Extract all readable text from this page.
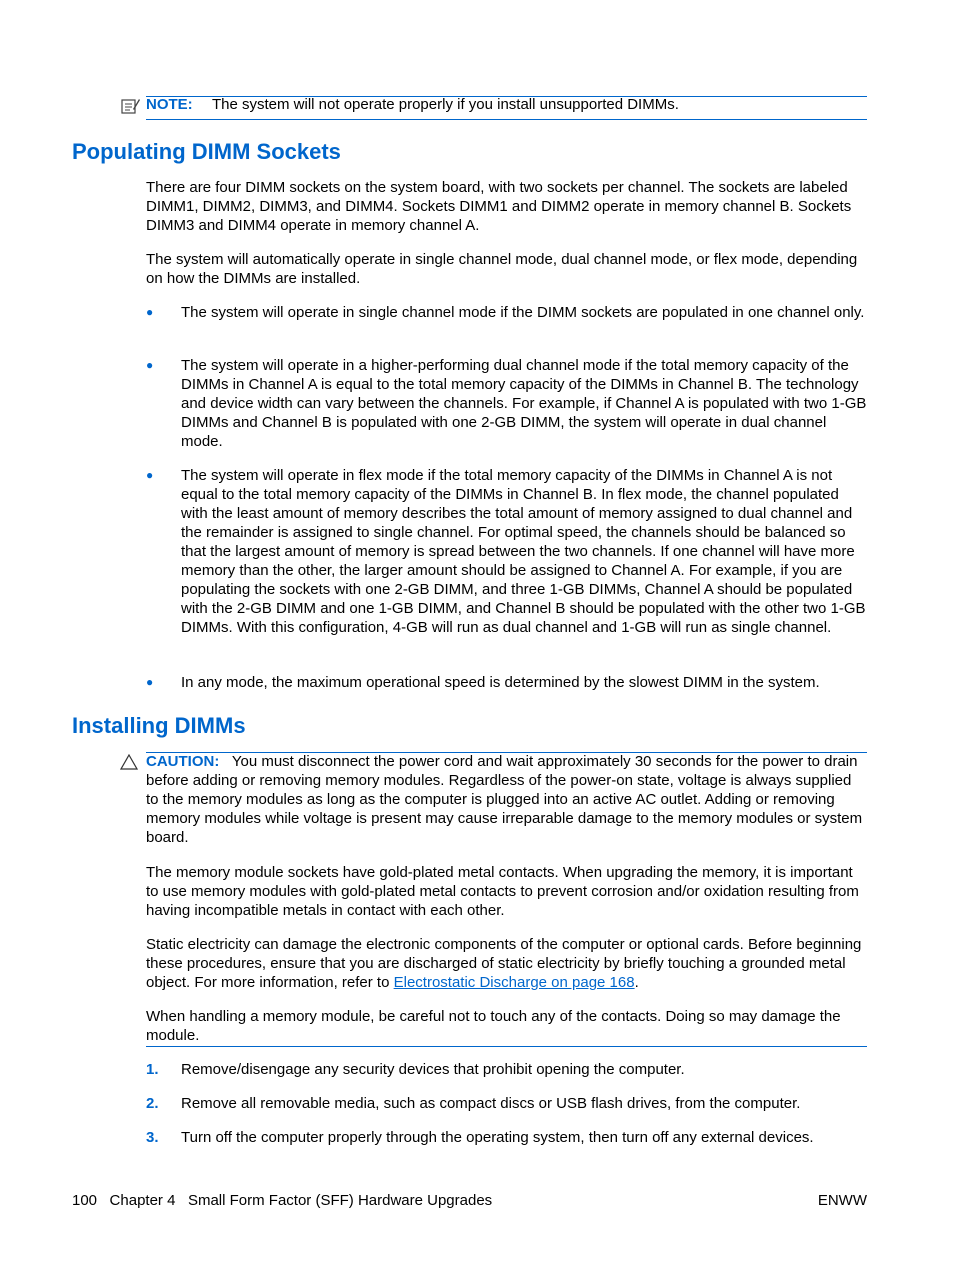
NOTE: The system will not operate properly if you install unsupported DIMMs.
Populating DIMM Sockets

There are four DIMM sockets on the system board, with two sockets per channel. The sockets are labeled DIMM1, DIMM2, DIMM3, and DIMM4. Sockets DIMM1 and DIMM2 operate in memory channel B. Sockets DIMM3 and DIMM4 operate in memory channel A.

The system will automatically operate in single channel mode, dual channel mode, or flex mode, depending on how the DIMMs are installed.

● The system will operate in single channel mode if the DIMM sockets are populated in one channel only.
● The system will operate in a higher-performing dual channel mode if the total memory capacity of the DIMMs in Channel A is equal to the total memory capacity of the DIMMs in Channel B. The technology and device width can vary between the channels. For example, if Channel A is populated with two 1-GB DIMMs and Channel B is populated with one 2-GB DIMM, the system will operate in dual channel mode.
● The system will operate in flex mode if the total memory capacity of the DIMMs in Channel A is not equal to the total memory capacity of the DIMMs in Channel B. In flex mode, the channel populated with the least amount of memory describes the total amount of memory assigned to dual channel and the remainder is assigned to single channel. For optimal speed, the channels should be balanced so that the largest amount of memory is spread between the two channels. If one channel will have more memory than the other, the larger amount should be assigned to Channel A. For example, if you are populating the sockets with one 2-GB DIMM, and three 1-GB DIMMs, Channel A should be populated with the 2-GB DIMM and one 1-GB DIMM, and Channel B should be populated with the other two 1-GB DIMMs. With this configuration, 4-GB will run as dual channel and 1-GB will run as single channel.
● In any mode, the maximum operational speed is determined by the slowest DIMM in the system.
Installing DIMMs

CAUTION: You must disconnect the power cord and wait approximately 30 seconds for the power to drain before adding or removing memory modules. Regardless of the power-on state, voltage is always supplied to the memory modules as long as the computer is plugged into an active AC outlet. Adding or removing memory modules while voltage is present may cause irreparable damage to the memory modules or system board.

The memory module sockets have gold-plated metal contacts. When upgrading the memory, it is important to use memory modules with gold-plated metal contacts to prevent corrosion and/or oxidation resulting from having incompatible metals in contact with each other.

Static electricity can damage the electronic components of the computer or optional cards. Before beginning these procedures, ensure that you are discharged of static electricity by briefly touching a grounded metal object. For more information, refer to Electrostatic Discharge on page 168.

When handling a memory module, be careful not to touch any of the contacts. Doing so may damage the module.

1. Remove/disengage any security devices that prohibit opening the computer.
2. Remove all removable media, such as compact discs or USB flash drives, from the computer.
3. Turn off the computer properly through the operating system, then turn off any external devices.
100 Chapter 4 Small Form Factor (SFF) Hardware Upgrades	ENWW
